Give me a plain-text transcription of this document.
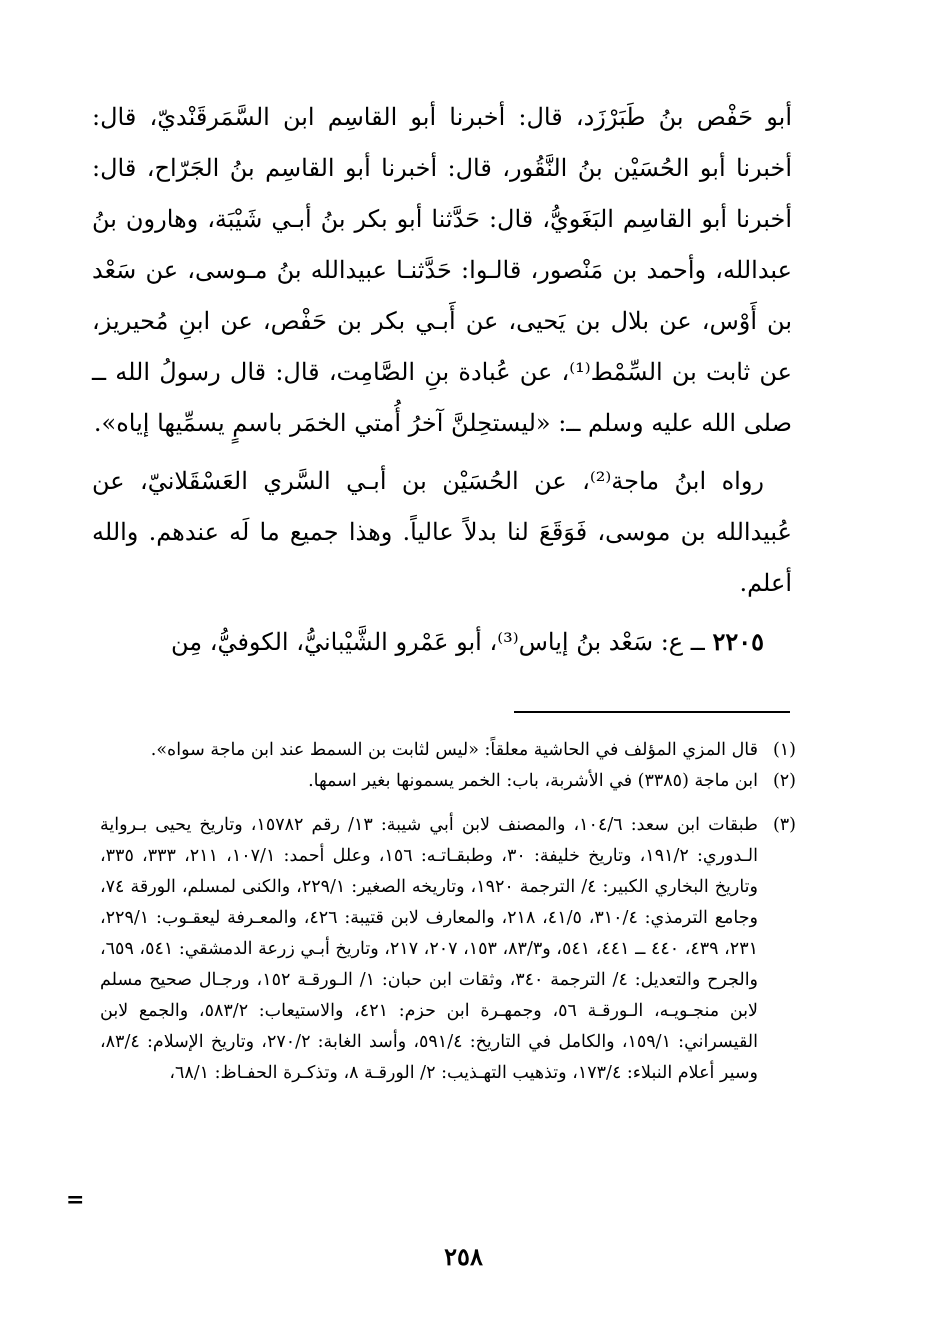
أبو حَفْص بنُ طَبَرْزَد، قال: أخبرنا أبو القاسِم ابن السَّمَرقَنْديّ، قال: أخبرنا أبو الحُسَيْن بنُ النَّقُور، قال: أخبرنا أبو القاسِم بنُ الجَرّاح، قال: أخبرنا أبو القاسِم البَغَويُّ، قال: حَدَّثنا أبو بكر بنُ أبـي شَيْبَة، وهارون بنُ عبدالله، وأحمد بن مَنْصور، قالـوا: حَدَّثنـا عبيدالله بنُ مـوسى، عن سَعْد بن أَوْس، عن بلال بن يَحيى، عن أَبـي بكر بن حَفْص، عن ابنِ مُحيريز، عن ثابت بن السِّمْط⁽¹⁾، عن عُبادة بنِ الصَّامِت، قال: قال رسولُ الله ــ صلى الله عليه وسلم ــ: «ليستحِلنَّ آخرُ أُمتي الخمَر باسمٍ يسمِّيها إياه».

رواه ابنُ ماجة⁽²⁾، عن الحُسَيْن بن أبـي السَّري العَسْقَلانيّ، عن عُبيدالله بن موسى، فَوَقَعَ لنا بدلاً عالياً. وهذا جميع ما لَه عندهم. والله أعلم.

٢٢٠٥ ــ ع: سَعْد بنُ إياس⁽³⁾، أبو عَمْرو الشَّيْبانيُّ، الكوفيُّ، مِن

(١)قال المزي المؤلف في الحاشية معلقاً: «ليس لثابت بن السمط عند ابن ماجة سواه».

(٢)ابن ماجة (٣٣٨٥) في الأشربة، باب: الخمر يسمونها بغير اسمها.

(٣)طبقات ابن سعد: ١٠٤/٦، والمصنف لابن أبي شيبة: ١٣/ رقم ١٥٧٨٢، وتاريخ يحيى بـرواية الـدوري: ١٩١/٢، وتاريخ خليفة: ٣٠، وطبقـاتـه: ١٥٦، وعلل أحمد: ١٠٧/١، ٢١١، ٣٣٣، ٣٣٥، وتاريخ البخاري الكبير: ٤/ الترجمة ١٩٢٠، وتاريخه الصغير: ٢٢٩/١، والكنى لمسلم، الورقة ٧٤، وجامع الترمذي: ٣١٠/٤، ٤١/٥، ٢١٨، والمعارف لابن قتيبة: ٤٢٦، والمعـرفة ليعقـوب: ٢٢٩/١، ٢٣١، ٤٣٩، ٤٤٠ ــ ٤٤١، ٥٤١، و٨٣/٣، ١٥٣، ٢٠٧، ٢١٧، وتاريخ أبـي زرعة الدمشقي: ٥٤١، ٦٥٩، والجرح والتعديل: ٤/ الترجمة ٣٤٠، وثقات ابن حبان: ١/ الـورقـة ١٥٢، ورجـال صحيح مسلم لابن منجـويـه، الـورقـة ٥٦، وجمهـرة ابن حزم: ٤٢١، والاستيعاب: ٥٨٣/٢، والجمع لابن القيسراني: ١٥٩/١، والكامل في التاريخ: ٥٩١/٤، وأسد الغابة: ٢٧٠/٢، وتاريخ الإسلام: ٨٣/٤، وسير أعلام النبلاء: ١٧٣/٤، وتذهيب التهـذيب: ٢/ الورقـة ٨، وتذكـرة الحفـاظ: ٦٨/١،

=
٢٥٨
